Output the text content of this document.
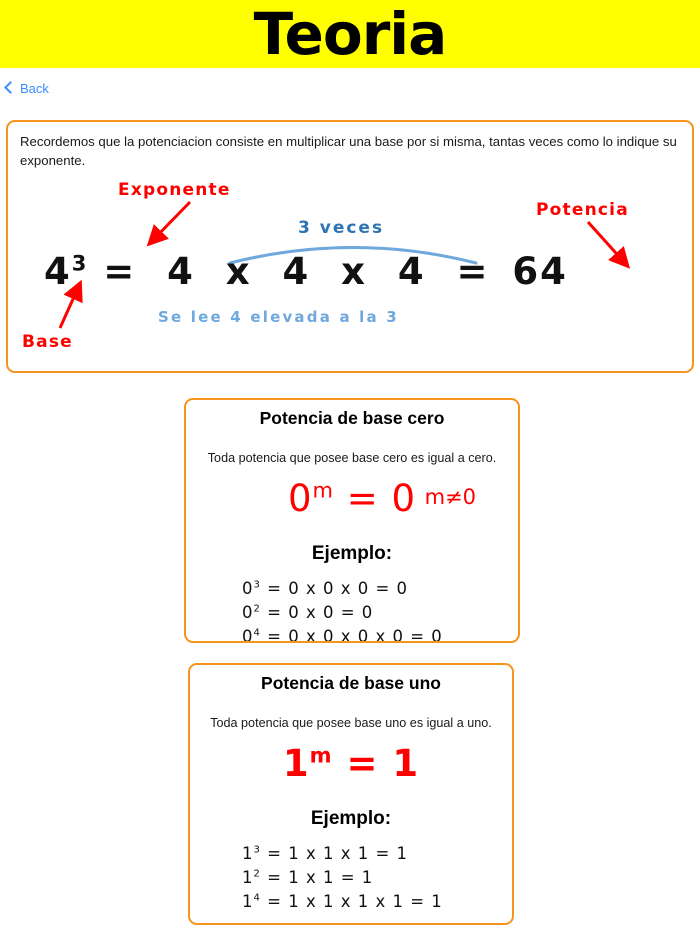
Teoria
Back
Recordemos que la potenciacion consiste en multiplicar una base por si misma, tantas veces como lo indique su exponente.
Exponente
Potencia
Base
3 veces
Se lee 4 elevada a la 3
$4^3 = 4$ x 4 x 4 = 64
Potencia de base cero
Toda potencia que posee base cero es igual a cero.
$0^m = 0$ m≠0
Ejemplo:
$0^3 = 0$ x 0 x 0 = 0
$0^2 = 0$ x 0 = 0
$0^4 = 0$ x 0 x 0 x 0 = 0
Potencia de base uno
Toda potencia que posee base uno es igual a uno.
$1^m = 1$
Ejemplo:
$1^3 = 1$ x 1 x 1 = 1
$1^2 = 1$ x 1 = 1
$1^4 = 1$ x 1 x 1 x 1 = 1
